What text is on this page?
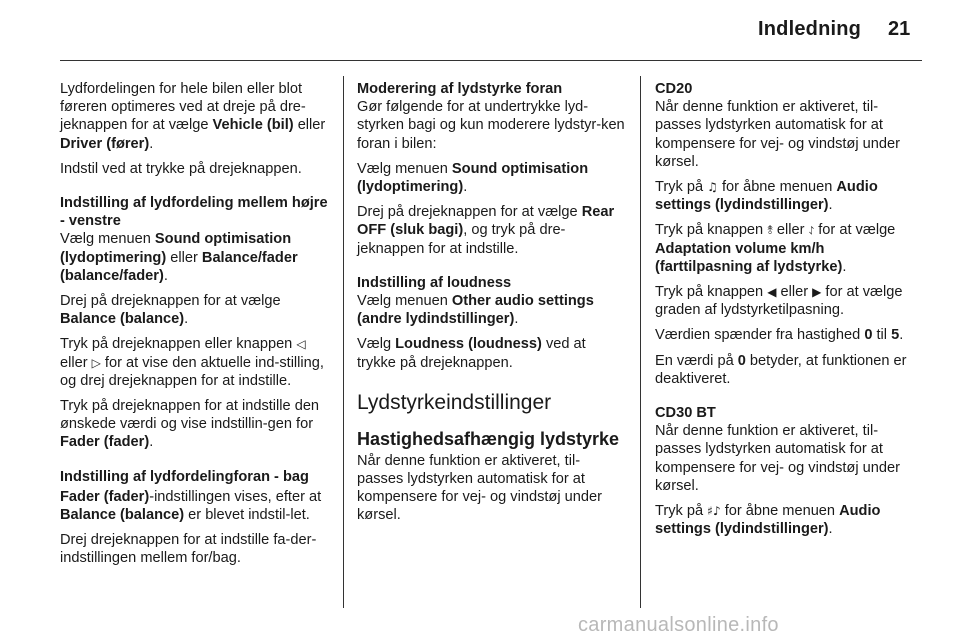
Indledning 21

Lydfordelingen for hele bilen eller blot føreren optimeres ved at dreje på dre-jeknappen for at vælge Vehicle (bil) eller Driver (fører).

Indstil ved at trykke på drejeknappen.

Indstilling af lydfordeling mellem højre - venstre

Vælg menuen Sound optimisation (lydoptimering) eller Balance/fader (balance/fader).

Drej på drejeknappen for at vælge Balance (balance).

Tryk på drejeknappen eller knappen ◁ eller ▷ for at vise den aktuelle ind-stilling, og drej drejeknappen for at indstille.

Tryk på drejeknappen for at indstille den ønskede værdi og vise indstillin-gen for Fader (fader).

Indstilling af lydfordelingforan - bag

Fader (fader)-indstillingen vises, efter at Balance (balance) er blevet indstil-let.

Drej drejeknappen for at indstille fa-der-indstillingen mellem for/bag.

Moderering af lydstyrke foran

Gør følgende for at undertrykke lyd-styrken bagi og kun moderere lydstyr-ken foran i bilen:

Vælg menuen Sound optimisation (lydoptimering).

Drej på drejeknappen for at vælge Rear OFF (sluk bagi), og tryk på dre-jeknappen for at indstille.

Indstilling af loudness

Vælg menuen Other audio settings (andre lydindstillinger).

Vælg Loudness (loudness) ved at trykke på drejeknappen.

Lydstyrkeindstillinger
Hastighedsafhængig lydstyrke

Når denne funktion er aktiveret, til-passes lydstyrken automatisk for at kompensere for vej- og vindstøj under kørsel.

CD20

Når denne funktion er aktiveret, til-passes lydstyrken automatisk for at kompensere for vej- og vindstøj under kørsel.

Tryk på ♫ for åbne menuen Audio settings (lydindstillinger).

Tryk på knappen ⥉ eller ⥌ for at vælge Adaptation volume km/h (farttilpasning af lydstyrke).

Tryk på knappen ◀ eller ▶ for at vælge graden af lydstyrketilpasning.

Værdien spænder fra hastighed 0 til 5.

En værdi på 0 betyder, at funktionen er deaktiveret.

CD30 BT

Når denne funktion er aktiveret, til-passes lydstyrken automatisk for at kompensere for vej- og vindstøj under kørsel.

Tryk på ♯♪ for åbne menuen Audio settings (lydindstillinger).

carmanualsonline.info
